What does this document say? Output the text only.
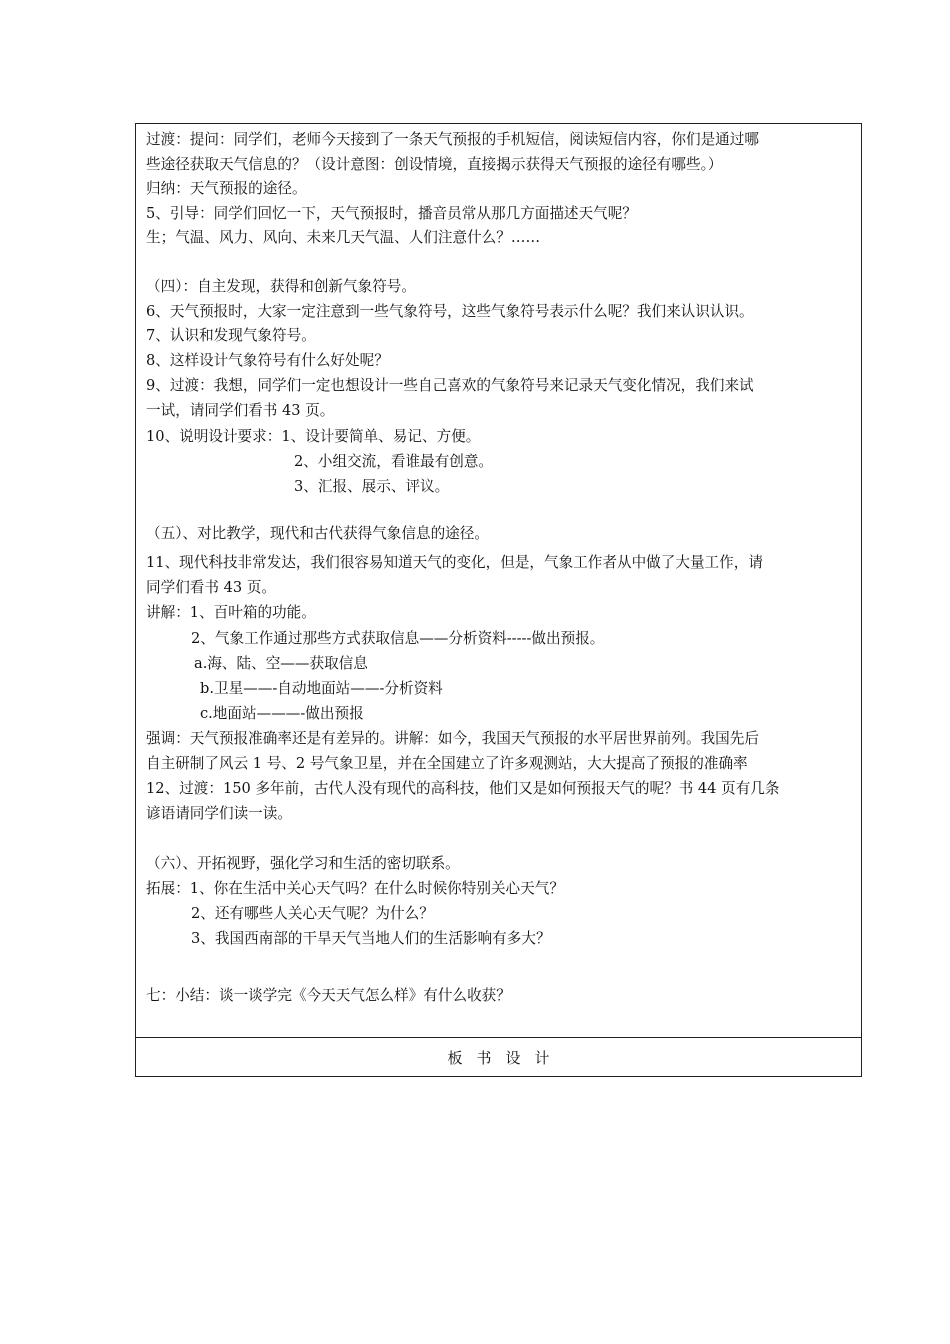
过渡：提问：同学们，老师今天接到了一条天气预报的手机短信，阅读短信内容，你们是通过哪
些途径获取天气信息的？（设计意图：创设情境，直接揭示获得天气预报的途径有哪些。）
归纳：天气预报的途径。
5、引导：同学们回忆一下，天气预报时，播音员常从那几方面描述天气呢？
生；气温、风力、风向、未来几天气温、人们注意什么？……
（四）：自主发现，获得和创新气象符号。
6、天气预报时，大家一定注意到一些气象符号，这些气象符号表示什么呢？我们来认识认识。
7、认识和发现气象符号。
8、这样设计气象符号有什么好处呢？
9、过渡：我想，同学们一定也想设计一些自己喜欢的气象符号来记录天气变化情况，我们来试
一试，请同学们看书 43 页。
10、说明设计要求：1、设计要简单、易记、方便。
2、小组交流，看谁最有创意。
3、汇报、展示、评议。
（五）、对比教学，现代和古代获得气象信息的途径。
11、现代科技非常发达，我们很容易知道天气的变化，但是，气象工作者从中做了大量工作，请
同学们看书 43 页。
讲解：1、百叶箱的功能。
2、气象工作通过那些方式获取信息——分析资料-----做出预报。
a.海、陆、空——获取信息
b.卫星——-自动地面站——-分析资料
c.地面站———-做出预报
强调：天气预报准确率还是有差异的。讲解：如今，我国天气预报的水平居世界前列。我国先后
自主研制了风云 1 号、2 号气象卫星，并在全国建立了许多观测站，大大提高了预报的准确率
12、过渡：150 多年前，古代人没有现代的高科技，他们又是如何预报天气的呢？书 44 页有几条
谚语请同学们读一读。
（六）、开拓视野，强化学习和生活的密切联系。
拓展：1、你在生活中关心天气吗？在什么时候你特别关心天气？
2、还有哪些人关心天气呢？为什么？
3、我国西南部的干旱天气当地人们的生活影响有多大？
七：小结：谈一谈学完《今天天气怎么样》有什么收获？
板书设计
